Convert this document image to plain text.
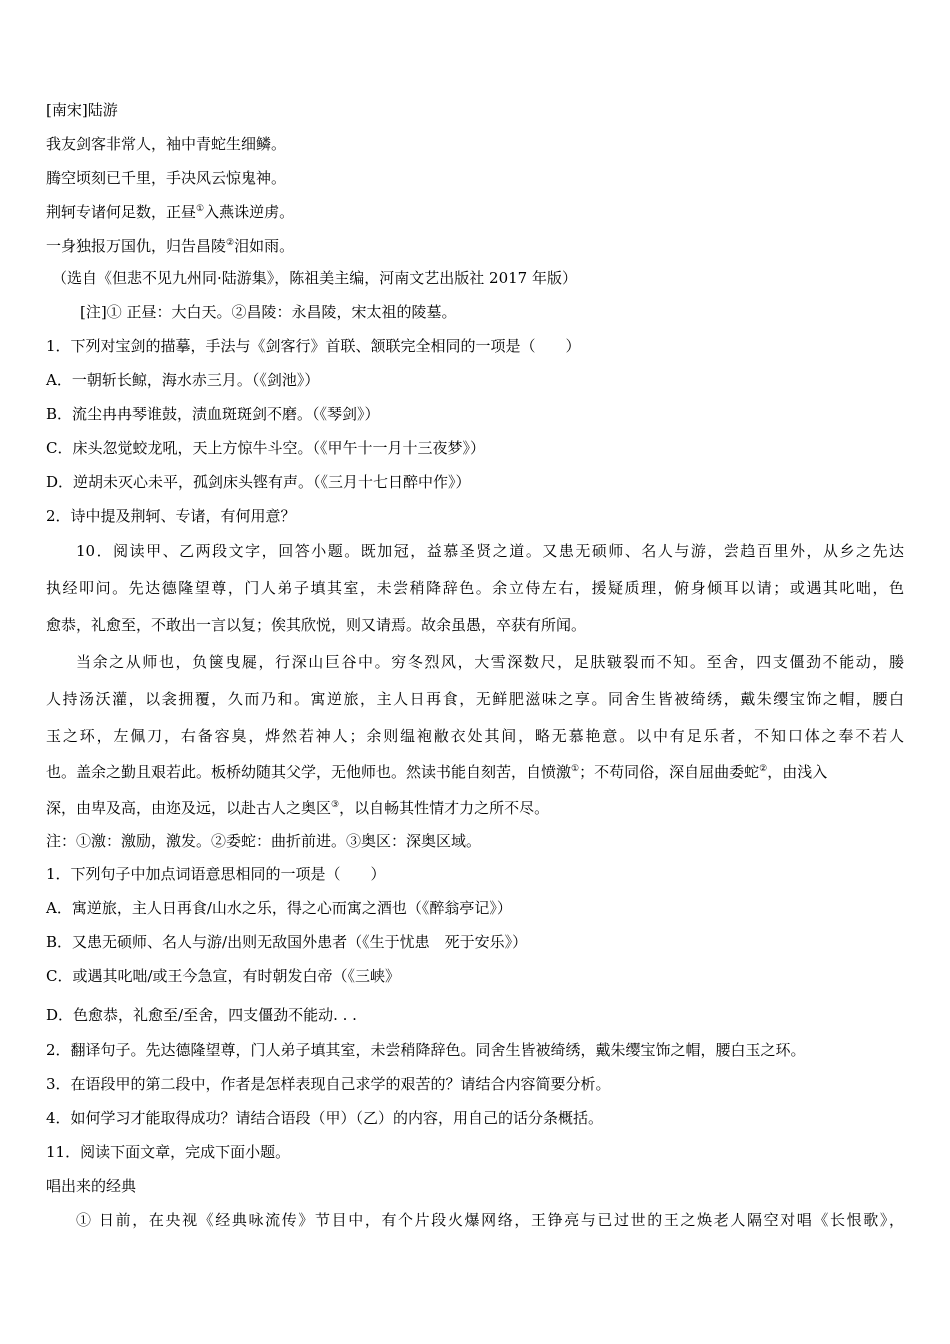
[南宋]陆游
我友剑客非常人，袖中青蛇生细鳞。
腾空顷刻已千里，手决风云惊鬼神。
荆轲专诸何足数，正昼①入燕诛逆虏。
一身独报万国仇，归告昌陵②泪如雨。
（选自《但悲不见九州同·陆游集》，陈祖美主编，河南文艺出版社 2017 年版）
[注]① 正昼：大白天。②昌陵：永昌陵，宋太祖的陵墓。
1．下列对宝剑的描摹，手法与《剑客行》首联、颔联完全相同的一项是（　　）
A．一朝斩长鲸，海水赤三月。（《剑池》）
B．流尘冉冉琴谁鼓，渍血斑斑剑不磨。（《琴剑》）
C．床头忽觉蛟龙吼，天上方惊牛斗空。（《甲午十一月十三夜梦》）
D．逆胡未灭心未平，孤剑床头铿有声。（《三月十七日醉中作》）
2．诗中提及荆轲、专诸，有何用意？
10．阅读甲、乙两段文字，回答小题。既加冠，益慕圣贤之道。又患无硕师、名人与游，尝趋百里外，从乡之先达
执经叩问。先达德隆望尊，门人弟子填其室，未尝稍降辞色。余立侍左右，援疑质理，俯身倾耳以请；或遇其叱咄，色
愈恭，礼愈至，不敢出一言以复；俟其欣悦，则又请焉。故余虽愚，卒获有所闻。
当余之从师也，负箧曳屣，行深山巨谷中。穷冬烈风，大雪深数尺，足肤皲裂而不知。至舍，四支僵劲不能动，媵
人持汤沃灌，以衾拥覆，久而乃和。寓逆旅，主人日再食，无鲜肥滋味之享。同舍生皆被绮绣，戴朱缨宝饰之帽，腰白
玉之环，左佩刀，右备容臭，烨然若神人；余则缊袍敝衣处其间，略无慕艳意。以中有足乐者，不知口体之奉不若人
也。盖余之勤且艰若此。板桥幼随其父学，无他师也。然读书能自刻苦，自愤激①；不苟同俗，深自屈曲委蛇②，由浅入
深，由卑及高，由迩及远，以赴古人之奥区③，以自畅其性情才力之所不尽。
注：①激：激励，激发。②委蛇：曲折前进。③奥区：深奥区域。
1．下列句子中加点词语意思相同的一项是（　　）
A．寓逆旅，主人日再食/山水之乐，得之心而寓之酒也（《醉翁亭记》）
B．又患无硕师、名人与游/出则无敌国外患者（《生于忧患　死于安乐》）
C．或遇其叱咄/或王今急宣，有时朝发白帝（《三峡》
D．色愈恭，礼愈至/至舍，四支僵劲不能动. . .
2．翻译句子。先达德隆望尊，门人弟子填其室，未尝稍降辞色。同舍生皆被绮绣，戴朱缨宝饰之帽，腰白玉之环。
3．在语段甲的第二段中，作者是怎样表现自己求学的艰苦的？请结合内容简要分析。
4．如何学习才能取得成功？请结合语段（甲）（乙）的内容，用自己的话分条概括。
11．阅读下面文章，完成下面小题。
唱出来的经典
① 日前，在央视《经典咏流传》节目中，有个片段火爆网络，王铮亮与已过世的王之焕老人隔空对唱《长恨歌》，
